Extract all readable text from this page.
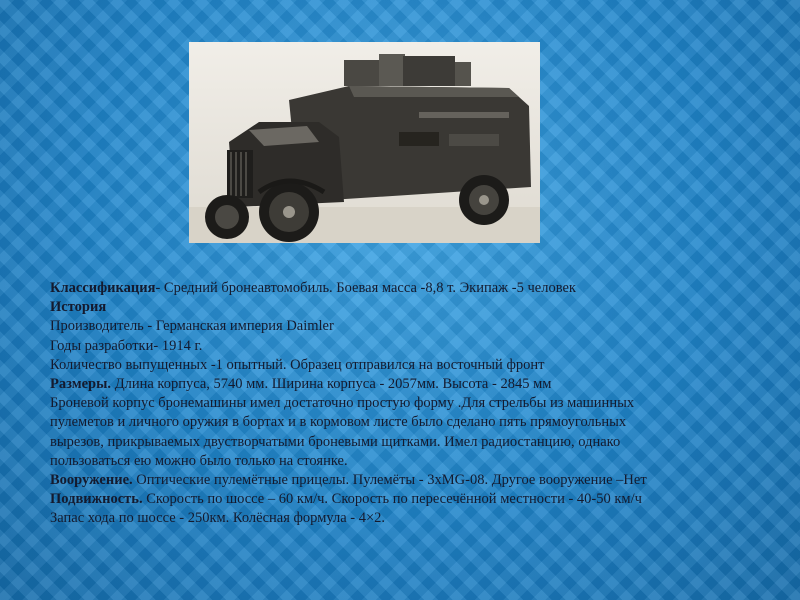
Классификация- Средний бронеавтомобиль. Боевая масса -8,8 т. Экипаж -5 человек
История
Производитель - Германская империя Daimler
Годы разработки- 1914 г.
Количество выпущенных -1 опытный. Образец отправился на восточный фронт
Размеры. Длина корпуса, 5740 мм. Ширина корпуса - 2057мм. Высота - 2845 мм
Броневой корпус бронемашины имел достаточно простую форму .Для стрельбы из машинных
пулеметов и личного оружия в бортах и в кормовом листе было сделано пять прямоугольных
вырезов, прикрываемых двустворчатыми броневыми щитками. Имел радиостанцию, однако
пользоваться ею можно было только на стоянке.
Вооружение. Оптические пулемётные прицелы. Пулемёты - 3хMG-08. Другое вооружение –Нет
Подвижность. Скорость по шоссе – 60 км/ч. Скорость по пересечённой местности - 40-50 км/ч
Запас хода по шоссе - 250км. Колёсная формула - 4×2.
